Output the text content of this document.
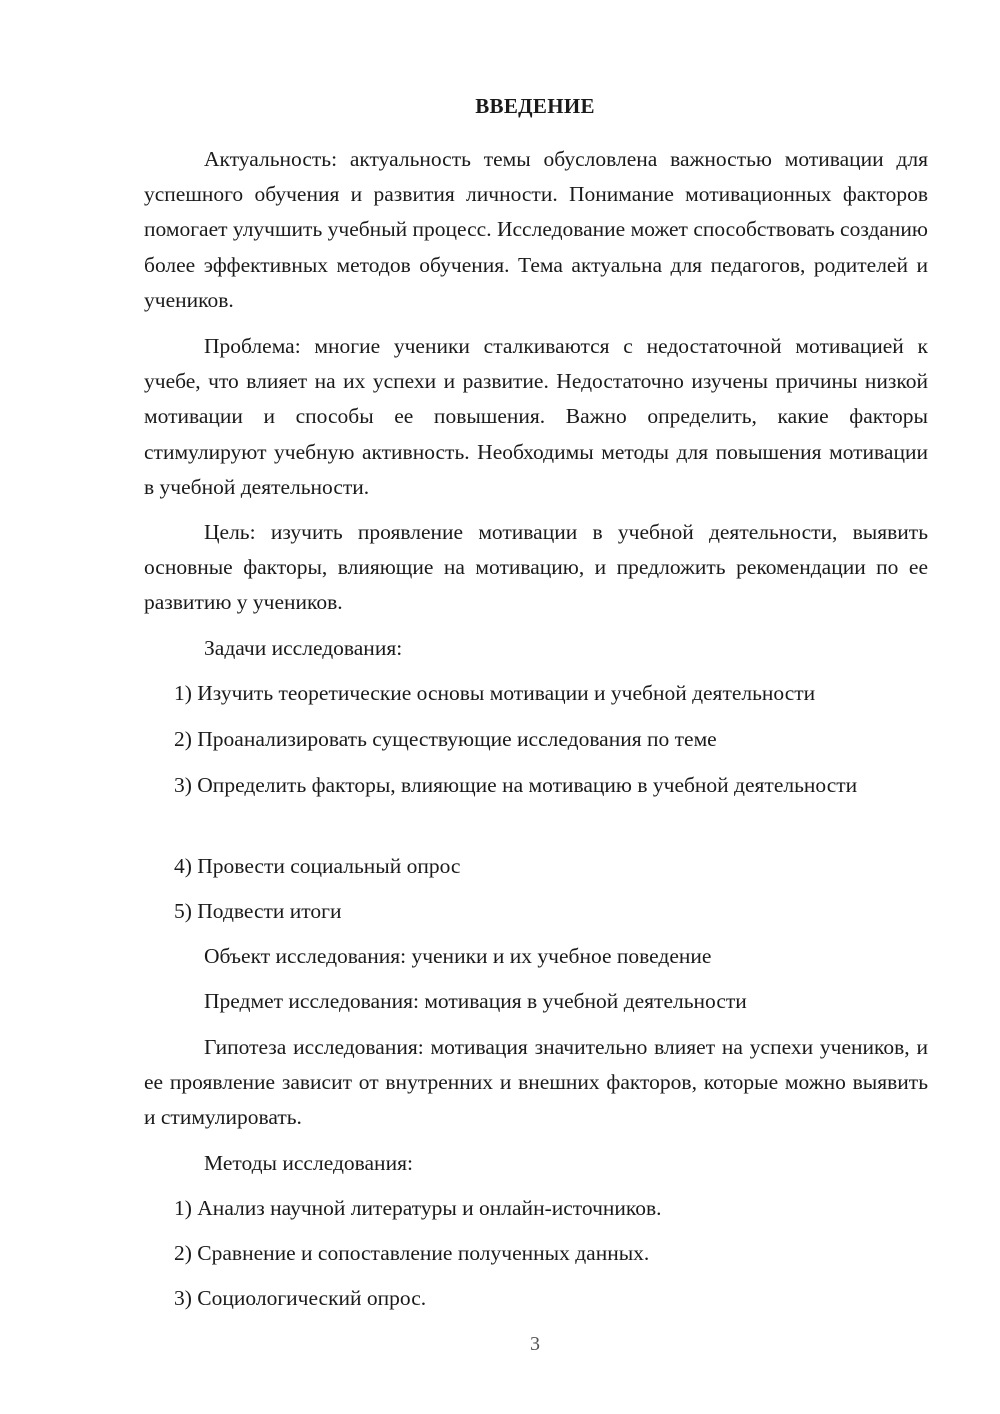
ВВЕДЕНИЕ

Актуальность: актуальность темы обусловлена важностью мотивации для успешного обучения и развития личности. Понимание мотивационных факторов помогает улучшить учебный процесс. Исследование может способствовать созданию более эффективных методов обучения. Тема актуальна для педагогов, родителей и учеников.

Проблема: многие ученики сталкиваются с недостаточной мотивацией к учебе, что влияет на их успехи и развитие. Недостаточно изучены причины низкой мотивации и способы ее повышения. Важно определить, какие факторы стимулируют учебную активность. Необходимы методы для повышения мотивации в учебной деятельности.

Цель: изучить проявление мотивации в учебной деятельности, выявить основные факторы, влияющие на мотивацию, и предложить рекомендации по ее развитию у учеников.

Задачи исследования:
1) Изучить теоретические основы мотивации и учебной деятельности
2) Проанализировать существующие исследования по теме

3) Определить факторы, влияющие на мотивацию в учебной деятельности

4) Провести социальный опрос
5) Подвести итоги
Объект исследования: ученики и их учебное поведение
Предмет исследования: мотивация в учебной деятельности

Гипотеза исследования: мотивация значительно влияет на успехи учеников, и ее проявление зависит от внутренних и внешних факторов, которые можно выявить и стимулировать.

Методы исследования:
1) Анализ научной литературы и онлайн-источников.
2) Сравнение и сопоставление полученных данных.
3) Социологический опрос.
3
